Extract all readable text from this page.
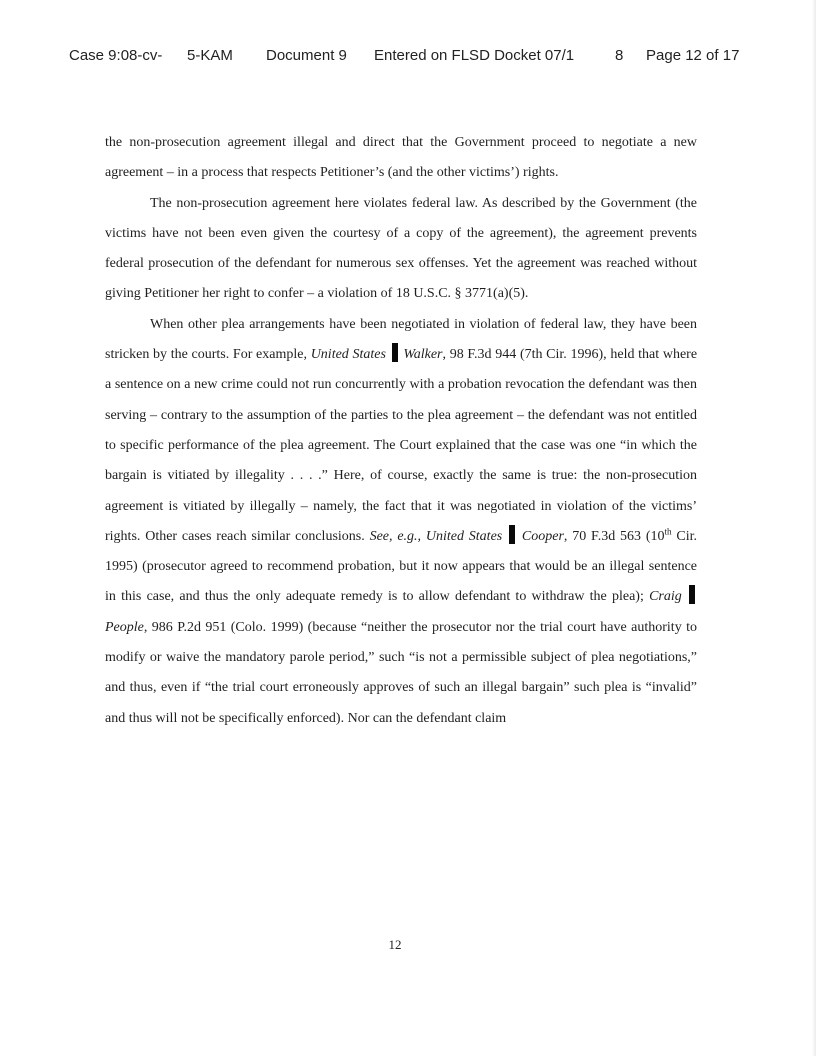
Case 9:08-cv- 5-KAM Document 9 Entered on FLSD Docket 07/1	8 Page 12 of 17

the non-prosecution agreement illegal and direct that the Government proceed to negotiate a new agreement – in a process that respects Petitioner’s (and the other victims’) rights.

The non-prosecution agreement here violates federal law. As described by the Government (the victims have not been even given the courtesy of a copy of the agreement), the agreement prevents federal prosecution of the defendant for numerous sex offenses. Yet the agreement was reached without giving Petitioner her right to confer – a violation of 18 U.S.C. § 3771(a)(5).

When other plea arrangements have been negotiated in violation of federal law, they have been stricken by the courts. For example, United States Walker, 98 F.3d 944 (7th Cir. 1996), held that where a sentence on a new crime could not run concurrently with a probation revocation the defendant was then serving – contrary to the assumption of the parties to the plea agreement – the defendant was not entitled to specific performance of the plea agreement. The Court explained that the case was one “in which the bargain is vitiated by illegality . . . .” Here, of course, exactly the same is true: the non-prosecution agreement is vitiated by illegally – namely, the fact that it was negotiated in violation of the victims’ rights. Other cases reach similar conclusions. See, e.g., United States Cooper, 70 F.3d 563 (10th Cir. 1995) (prosecutor agreed to recommend probation, but it now appears that would be an illegal sentence in this case, and thus the only adequate remedy is to allow defendant to withdraw the plea); Craig  People, 986 P.2d 951 (Colo. 1999) (because “neither the prosecutor nor the trial court have authority to modify or waive the mandatory parole period,” such “is not a permissible subject of plea negotiations,” and thus, even if “the trial court erroneously approves of such an illegal bargain” such plea is “invalid” and thus will not be specifically enforced). Nor can the defendant claim

12
